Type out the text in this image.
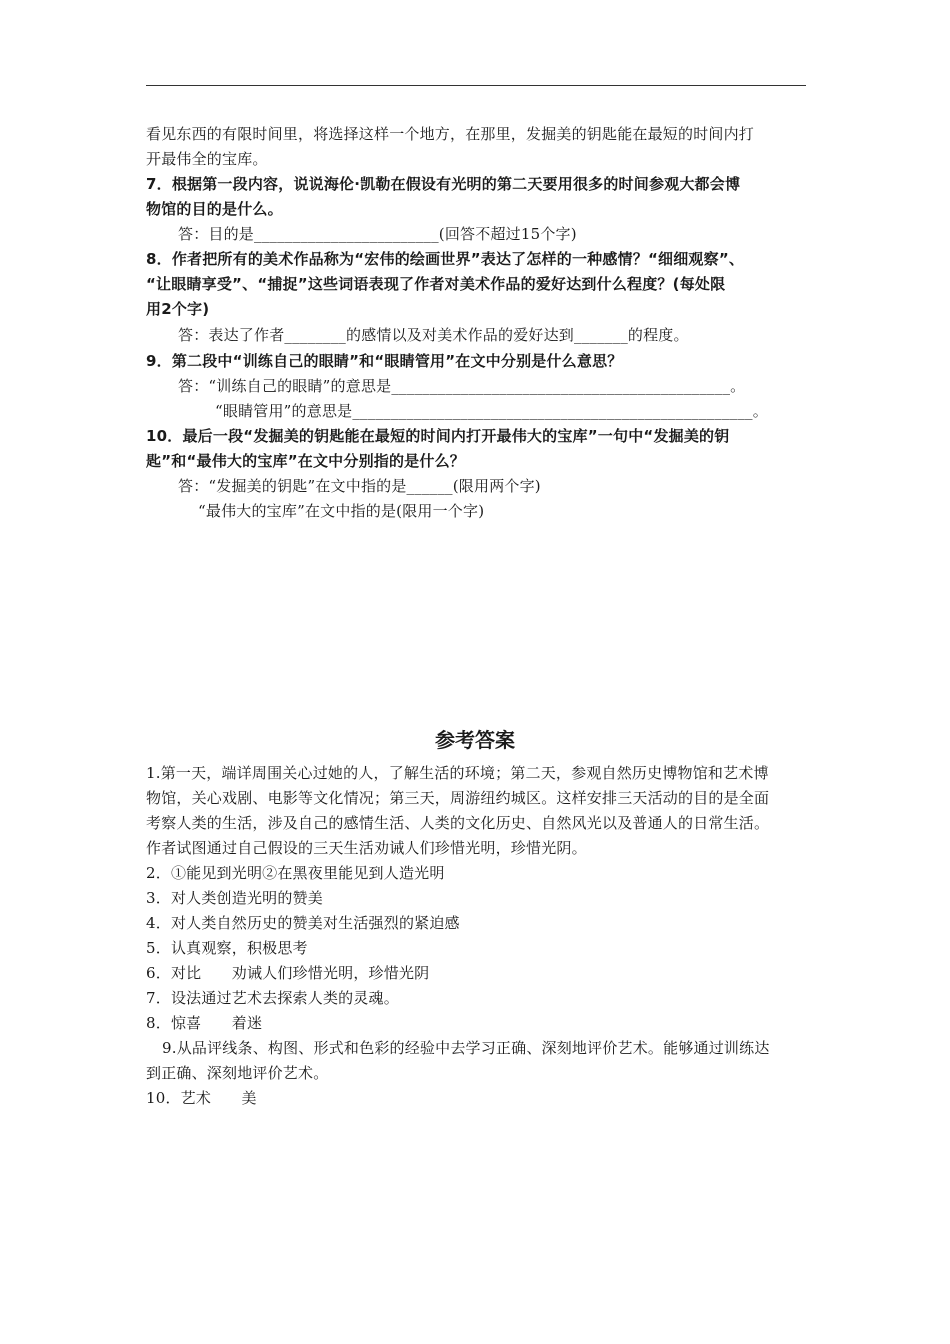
看见东西的有限时间里，将选择这样一个地方，在那里，发掘美的钥匙能在最短的时间内打
开最伟全的宝库。
7．根据第一段内容，说说海伦·凯勒在假设有光明的第二天要用很多的时间参观大都会博
物馆的目的是什么。
答：目的是________________________(回答不超过15个字)
8．作者把所有的美术作品称为“宏伟的绘画世界”表达了怎样的一种感情？“细细观察”、
“让眼睛享受”、“捕捉”这些词语表现了作者对美术作品的爱好达到什么程度？(每处限
用2个字)
答：表达了作者________的感情以及对美术作品的爱好达到_______的程度。
9．第二段中“训练自己的眼睛”和“眼睛管用”在文中分别是什么意思？
答：“训练自己的眼睛”的意思是____________________________________________。
“眼睛管用”的意思是____________________________________________________。
10．最后一段“发掘美的钥匙能在最短的时间内打开最伟大的宝库”一句中“发掘美的钥
匙”和“最伟大的宝库”在文中分别指的是什么？
答：“发掘美的钥匙”在文中指的是______(限用两个字)
“最伟大的宝库”在文中指的是(限用一个字)
参考答案
1.第一天，端详周围关心过她的人，了解生活的环境；第二天，参观自然历史博物馆和艺术博
物馆，关心戏剧、电影等文化情况；第三天，周游纽约城区。这样安排三天活动的目的是全面
考察人类的生活，涉及自己的感情生活、人类的文化历史、自然风光以及普通人的日常生活。
作者试图通过自己假设的三天生活劝诫人们珍惜光明，珍惜光阴。
2．①能见到光明②在黑夜里能见到人造光明
3．对人类创造光明的赞美
4．对人类自然历史的赞美对生活强烈的紧迫感
5．认真观察，积极思考
6．对比　　劝诫人们珍惜光明，珍惜光阴
7．设法通过艺术去探索人类的灵魂。
8．惊喜　　着迷
9.从品评线条、构图、形式和色彩的经验中去学习正确、深刻地评价艺术。能够通过训练达
到正确、深刻地评价艺术。
10．艺术　　美
